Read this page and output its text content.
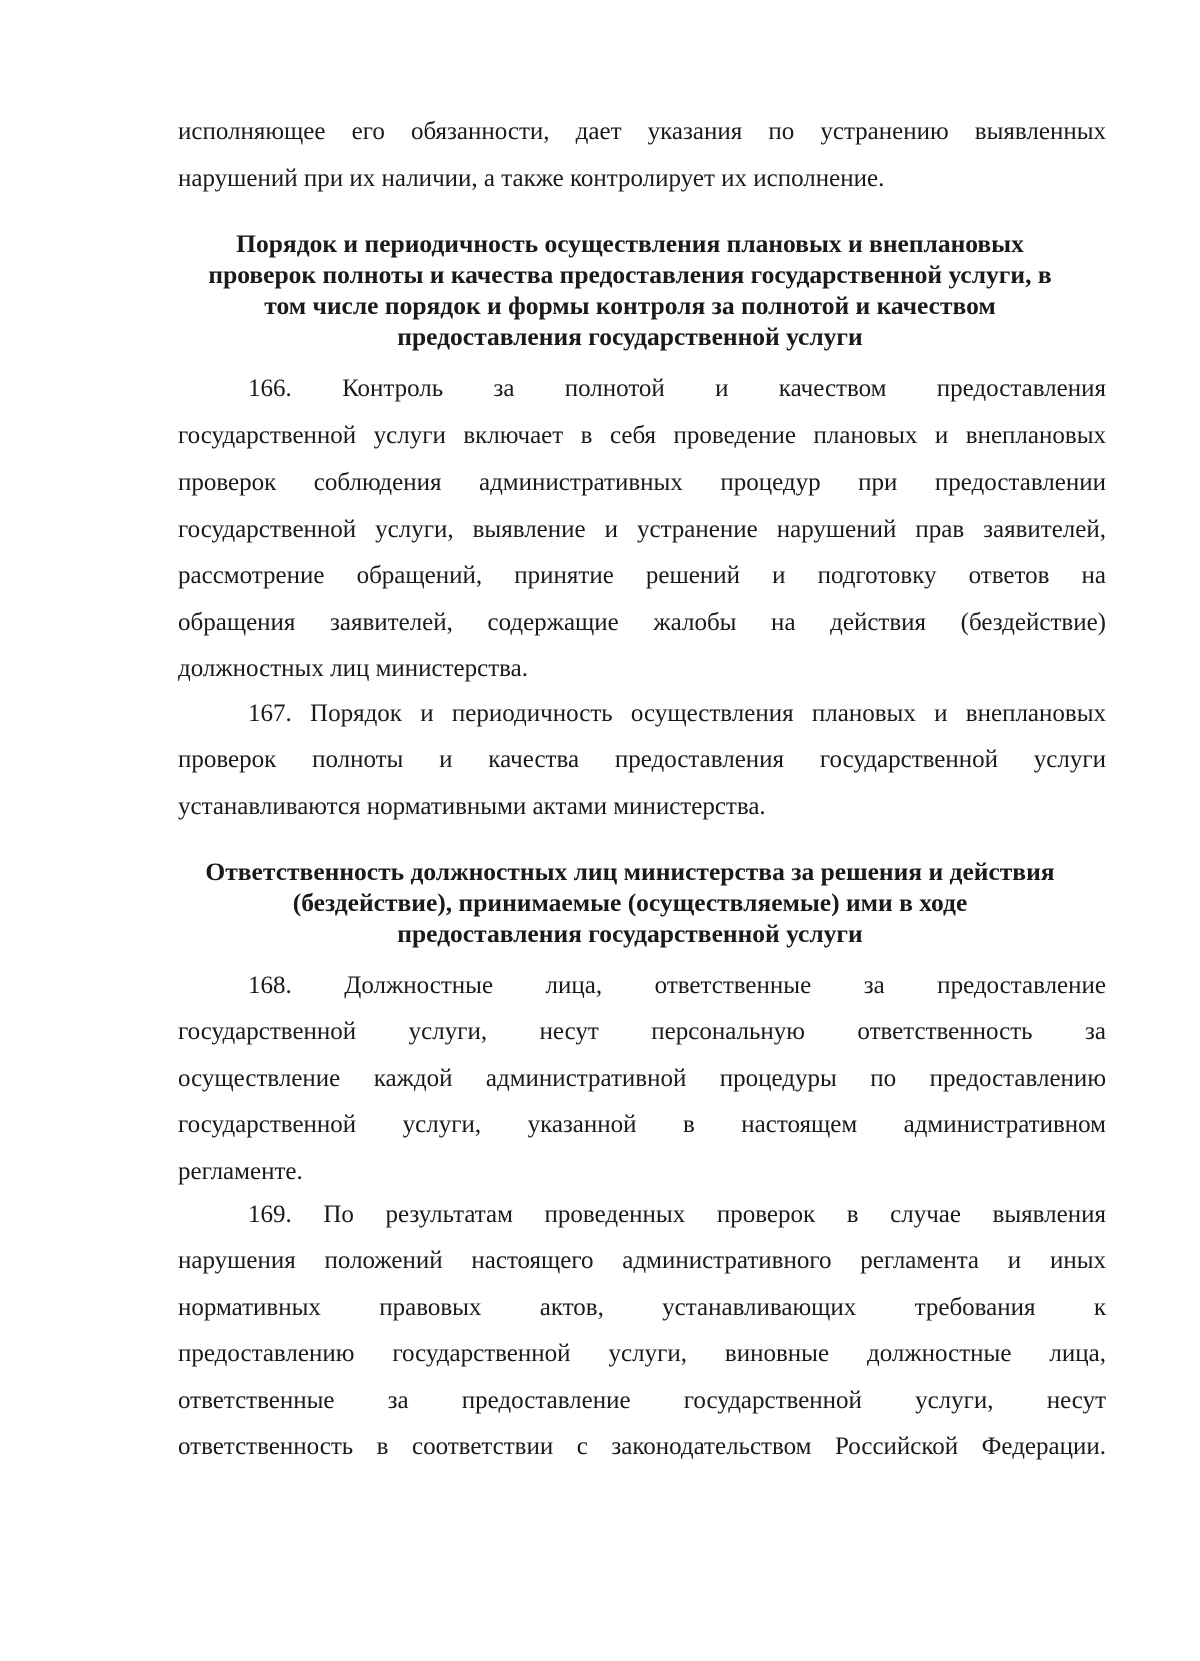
исполняющее его обязанности, дает указания по устранению выявленных
нарушений при их наличии, а также контролирует их исполнение.
Порядок и периодичность осуществления плановых и внеплановых
проверок полноты и качества предоставления государственной услуги, в
том числе порядок и формы контроля за полнотой и качеством
предоставления государственной услуги
166. Контроль за полнотой и качеством предоставления
государственной услуги включает в себя проведение плановых и внеплановых
проверок соблюдения административных процедур при предоставлении
государственной услуги, выявление и устранение нарушений прав заявителей,
рассмотрение обращений, принятие решений и подготовку ответов на
обращения заявителей, содержащие жалобы на действия (бездействие)
должностных лиц министерства.
167. Порядок и периодичность осуществления плановых и внеплановых
проверок полноты и качества предоставления государственной услуги
устанавливаются нормативными актами министерства.
Ответственность должностных лиц министерства за решения и действия
(бездействие), принимаемые (осуществляемые) ими в ходе
предоставления государственной услуги
168. Должностные лица, ответственные за предоставление
государственной услуги, несут персональную ответственность за
осуществление каждой административной процедуры по предоставлению
государственной услуги, указанной в настоящем административном
регламенте.
169. По результатам проведенных проверок в случае выявления
нарушения положений настоящего административного регламента и иных
нормативных правовых актов, устанавливающих требования к
предоставлению государственной услуги, виновные должностные лица,
ответственные за предоставление государственной услуги, несут
ответственность в соответствии с законодательством Российской Федерации.
